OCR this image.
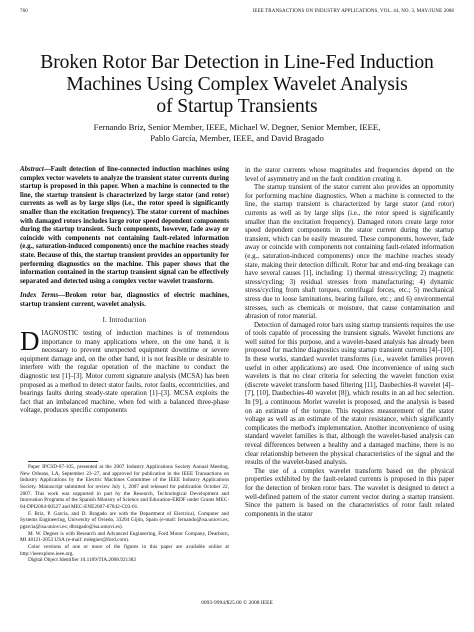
760	IEEE TRANSACTIONS ON INDUSTRY APPLICATIONS, VOL. 44, NO. 3, MAY/JUNE 2008
Broken Rotor Bar Detection in Line-Fed Induction
Machines Using Complex Wavelet Analysis
of Startup Transients
Fernando Briz, Senior Member, IEEE, Michael W. Degner, Senior Member, IEEE,
Pablo García, Member, IEEE, and David Bragado
Abstract—Fault detection of line-connected induction machines using complex vector wavelets to analyze the transient stator currents during startup is proposed in this paper. When a machine is connected to the line, the startup transient is characterized by large stator (and rotor) currents as well as by large slips (i.e., the rotor speed is significantly smaller than the excitation frequency). The stator current of machines with damaged rotors includes large rotor speed dependent components during the startup transient. Such components, however, fade away or coincide with components not containing fault-related information (e.g., saturation-induced components) once the machine reaches steady state. Because of this, the startup transient provides an opportunity for performing diagnostics on the machine. This paper shows that the information contained in the startup transient signal can be effectively separated and detected using a complex vector wavelet transform.
Index Terms—Broken rotor bar, diagnostics of electric machines, startup transient current, wavelet analysis.
I. Introduction
DIAGNOSTIC testing of induction machines is of tremendous importance to many applications where, on the one hand, it is necessary to prevent unexpected equipment downtime or severe equipment damage and, on the other hand, it is not feasible or desirable to interfere with the regular operation of the machine to conduct the diagnostic test [1]–[3]. Motor current signature analysis (MCSA) has been proposed as a method to detect stator faults, rotor faults, eccentricities, and bearings faults during steady-state operation [1]–[3]. MCSA exploits the fact that an imbalanced machine, when fed with a balanced three-phase voltage, produces specific components

Paper IPCSD-07-105, presented at the 2007 Industry Applications Society Annual Meeting, New Orleans, LA, September 23–27, and approved for publication in the IEEE Transactions on Industry Applications by the Electric Machines Committee of the IEEE Industry Applications Society. Manuscript submitted for review July 1, 2007 and released for publication October 22, 2007. This work was supported in part by the Research, Technological Development and Innovation Programs of the Spanish Ministry of Science and Education-ERDF under Grants MEC-04-DPI2004-00527 and MEC-ENE2007-67842-C03-01.

F. Briz, P. García, and D. Bragado are with the Department of Electrical, Computer and Systems Engineering, University of Oviedo, 33204 Gijón, Spain (e-mail: fernando@isa.uniovi.es; pgarcia@isa.uniovi.es; dbragado@isa.uniovi.es).

M. W. Degner is with Research and Advanced Engineering, Ford Motor Company, Dearborn, MI 48121-2053 USA (e-mail: mdegner@ford.com).

Color versions of one or more of the figures in this paper are available online at http://ieeexplore.ieee.org.

Digital Object Identifier 10.1109/TIA.2008.921382

in the stator currents whose magnitudes and frequencies depend on the level of asymmetry and on the fault condition creating it.

The startup transient of the stator current also provides an opportunity for performing machine diagnostics. When a machine is connected to the line, the startup transient is characterized by large stator (and rotor) currents as well as by large slips (i.e., the rotor speed is significantly smaller than the excitation frequency). Damaged rotors create large rotor speed dependent components in the stator current during the startup transient, which can be easily measured. These components, however, fade away or coincide with components not containing fault-related information (e.g., saturation-induced components) once the machine reaches steady state, making their detection difficult. Rotor bar and end-ring breakage can have several causes [1], including: 1) thermal stress/cycling; 2) magnetic stress/cycling; 3) residual stresses from manufacturing; 4) dynamic stress/cycling from shaft torques, centrifugal forces, etc.; 5) mechanical stress due to loose laminations, bearing failure, etc.; and 6) environmental stresses, such as chemicals or moisture, that cause contamination and abrasion of rotor material.

Detection of damaged rotor bars using startup transients requires the use of tools capable of processing the transient signals. Wavelet functions are well suited for this purpose, and a wavelet-based analysis has already been proposed for machine diagnostics using startup transient currents [4]–[10]. In these works, standard wavelet transforms (i.e., wavelet families proven useful in other applications) are used. One inconvenience of using such wavelets is that no clear criteria for selecting the wavelet function exist (discrete wavelet transform based filtering [11], Daubechies-8 wavelet [4]–[7], [10], Daubechies-40 wavelet [8]), which results in an ad hoc selection. In [9], a continuous Morlet wavelet is proposed, and the analysis is based on an estimate of the torque. This requires measurement of the stator voltage as well as an estimate of the stator resistance, which significantly complicates the method's implementation. Another inconvenience of using standard wavelet families is that, although the wavelet-based analysis can reveal differences between a healthy and a damaged machine, there is no clear relationship between the physical characteristics of the signal and the results of the wavelet-based analysis.

The use of a complex wavelet transform based on the physical properties exhibited by the fault-related currents is proposed in this paper for the detection of broken rotor bars. The wavelet is designed to detect a well-defined pattern of the stator current vector during a startup transient. Since the pattern is based on the characteristics of rotor fault related components in the stator

0093-9994/$25.00 © 2008 IEEE
